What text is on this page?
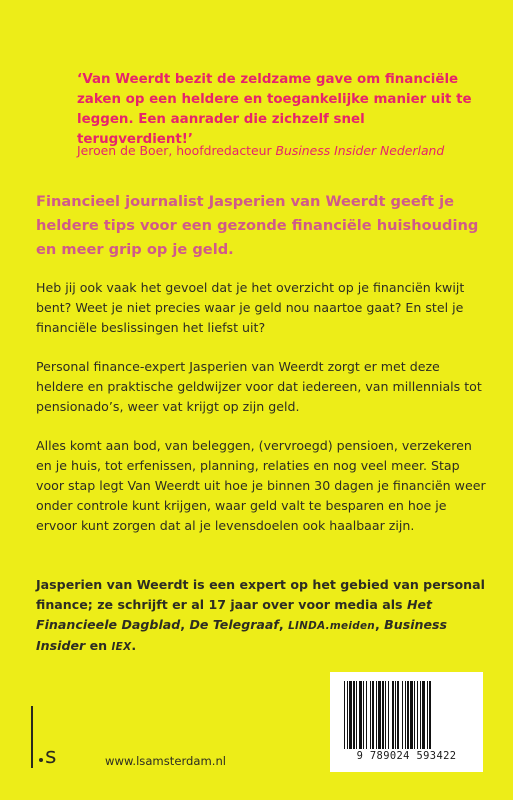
‘Van Weerdt bezit de zeldzame gave om financiële zaken op een heldere en toegankelijke manier uit te leggen. Een aanrader die zichzelf snel terugverdient!’
Jeroen de Boer, hoofdredacteur Business Insider Nederland
Financieel journalist Jasperien van Weerdt geeft je heldere tips voor een gezonde financiële huishouding en meer grip op je geld.
Heb jij ook vaak het gevoel dat je het overzicht op je financiën kwijt bent? Weet je niet precies waar je geld nou naartoe gaat? En stel je financiële beslissingen het liefst uit?
Personal finance-expert Jasperien van Weerdt zorgt er met deze heldere en praktische geldwijzer voor dat iedereen, van millennials tot pensionado’s, weer vat krijgt op zijn geld.
Alles komt aan bod, van beleggen, (vervroegd) pensioen, verzekeren en je huis, tot erfenissen, planning, relaties en nog veel meer. Stap voor stap legt Van Weerdt uit hoe je binnen 30 dagen je financiën weer onder controle kunt krijgen, waar geld valt te besparen en hoe je ervoor kunt zorgen dat al je levensdoelen ook haalbaar zijn.
Jasperien van Weerdt is een expert op het gebied van personal finance; ze schrijft er al 17 jaar over voor media als Het Financieele Dagblad, De Telegraaf, LINDA.meiden, Business Insider en IEX.
s	www.lsamsterdam.nl	9 789024 593422
